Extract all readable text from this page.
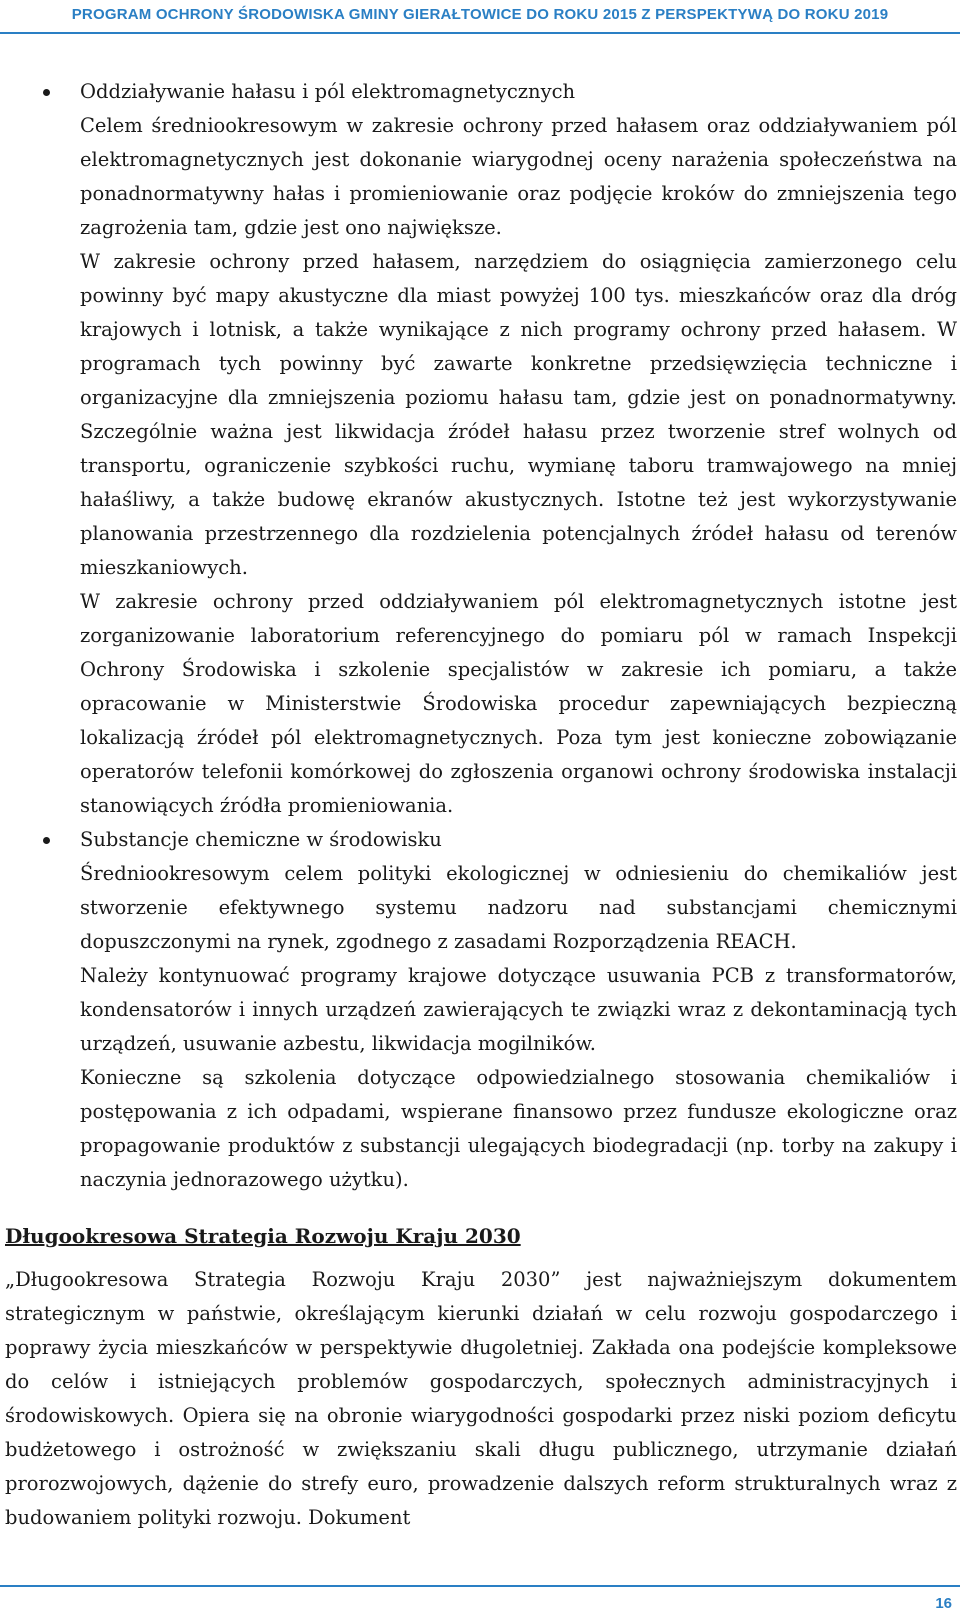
PROGRAM OCHRONY ŚRODOWISKA GMINY GIERAŁTOWICE DO ROKU 2015 Z PERSPEKTYWĄ DO ROKU 2019

Oddziaływanie hałasu i pól elektromagnetycznych

Celem średniookresowym w zakresie ochrony przed hałasem oraz oddziaływaniem pól elektromagnetycznych jest dokonanie wiarygodnej oceny narażenia społeczeństwa na ponadnormatywny hałas i promieniowanie oraz podjęcie kroków do zmniejszenia tego zagrożenia tam, gdzie jest ono największe.

W zakresie ochrony przed hałasem, narzędziem do osiągnięcia zamierzonego celu powinny być mapy akustyczne dla miast powyżej 100 tys. mieszkańców oraz dla dróg krajowych i lotnisk, a także wynikające z nich programy ochrony przed hałasem. W programach tych powinny być zawarte konkretne przedsięwzięcia techniczne i organizacyjne dla zmniejszenia poziomu hałasu tam, gdzie jest on ponadnormatywny. Szczególnie ważna jest likwidacja źródeł hałasu przez tworzenie stref wolnych od transportu, ograniczenie szybkości ruchu, wymianę taboru tramwajowego na mniej hałaśliwy, a także budowę ekranów akustycznych. Istotne też jest wykorzystywanie planowania przestrzennego dla rozdzielenia potencjalnych źródeł hałasu od terenów mieszkaniowych.

W zakresie ochrony przed oddziaływaniem pól elektromagnetycznych istotne jest zorganizowanie laboratorium referencyjnego do pomiaru pól w ramach Inspekcji Ochrony Środowiska i szkolenie specjalistów w zakresie ich pomiaru, a także opracowanie w Ministerstwie Środowiska procedur zapewniających bezpieczną lokalizacją źródeł pól elektromagnetycznych. Poza tym jest konieczne zobowiązanie operatorów telefonii komórkowej do zgłoszenia organowi ochrony środowiska instalacji stanowiących źródła promieniowania.

Substancje chemiczne w środowisku

Średniookresowym celem polityki ekologicznej w odniesieniu do chemikaliów jest stworzenie efektywnego systemu nadzoru nad substancjami chemicznymi dopuszczonymi na rynek, zgodnego z zasadami Rozporządzenia REACH.

Należy kontynuować programy krajowe dotyczące usuwania PCB z transformatorów, kondensatorów i innych urządzeń zawierających te związki wraz z dekontaminacją tych urządzeń, usuwanie azbestu, likwidacja mogilników.

Konieczne są szkolenia dotyczące odpowiedzialnego stosowania chemikaliów i postępowania z ich odpadami, wspierane finansowo przez fundusze ekologiczne oraz propagowanie produktów z substancji ulegających biodegradacji (np. torby na zakupy i naczynia jednorazowego użytku).

Długookresowa Strategia Rozwoju Kraju 2030

„Długookresowa Strategia Rozwoju Kraju 2030” jest najważniejszym dokumentem strategicznym w państwie, określającym kierunki działań w celu rozwoju gospodarczego i poprawy życia mieszkańców w perspektywie długoletniej. Zakłada ona podejście kompleksowe do celów i istniejących problemów gospodarczych, społecznych administracyjnych i środowiskowych. Opiera się na obronie wiarygodności gospodarki przez niski poziom deficytu budżetowego i ostrożność w zwiększaniu skali długu publicznego, utrzymanie działań prorozwojowych, dążenie do strefy euro, prowadzenie dalszych reform strukturalnych wraz z budowaniem polityki rozwoju. Dokument

16
